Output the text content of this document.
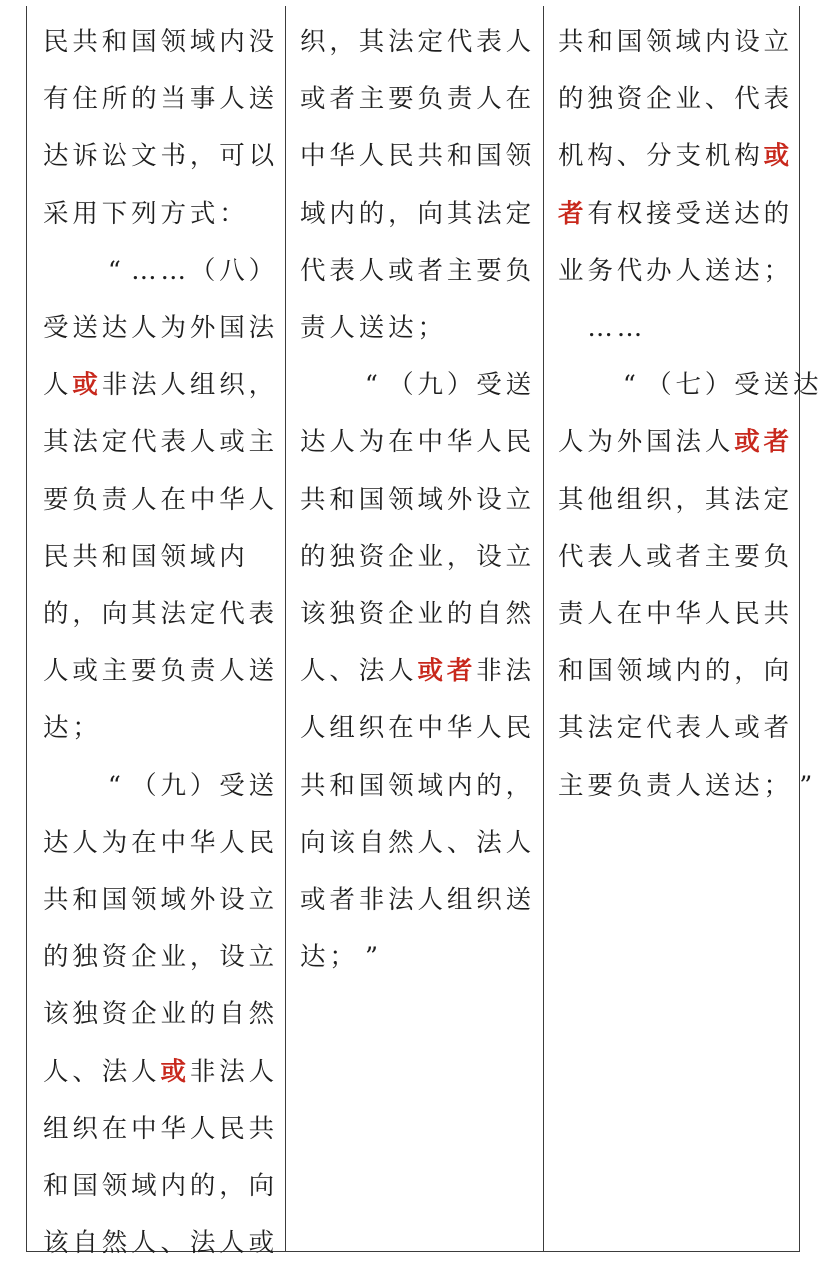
民 共 和 国 领 域 内 没
有 住 所 的 当 事 人 送
达 诉 讼 文 书 ， 可 以
采 用 下 列 方 式 ：
“ … … （ 八 ）
受 送 达 人 为 外 国 法
人 或 非 法 人 组 织 ，
其 法 定 代 表 人 或 主
要 负 责 人 在 中 华 人
民 共 和 国 领 域 内
的 ， 向 其 法 定 代 表
人 或 主 要 负 责 人 送
达 ；
“ （ 九 ） 受 送
达 人 为 在 中 华 人 民
共 和 国 领 域 外 设 立
的 独 资 企 业 ， 设 立
该 独 资 企 业 的 自 然
人 、 法 人 或 非 法 人
组 织 在 中 华 人 民 共
和 国 领 域 内 的 ， 向
该 自 然 人 、 法 人 或
织 ， 其 法 定 代 表 人
或 者 主 要 负 责 人 在
中 华 人 民 共 和 国 领
域 内 的 ， 向 其 法 定
代 表 人 或 者 主 要 负
责 人 送 达 ；
“ （ 九 ） 受 送
达 人 为 在 中 华 人 民
共 和 国 领 域 外 设 立
的 独 资 企 业 ， 设 立
该 独 资 企 业 的 自 然
人 、 法 人 或 者 非 法
人 组 织 在 中 华 人 民
共 和 国 领 域 内 的 ，
向 该 自 然 人 、 法 人
或 者 非 法 人 组 织 送
达 ； ”
共 和 国 领 域 内 设 立
的 独 资 企 业 、 代 表
机 构 、 分 支 机 构 或
者 有 权 接 受 送 达 的
业 务 代 办 人 送 达 ；
… …
“ （ 七 ） 受 送 达
人 为 外 国 法 人 或 者
其 他 组 织 ， 其 法 定
代 表 人 或 者 主 要 负
责 人 在 中 华 人 民 共
和 国 领 域 内 的 ， 向
其 法 定 代 表 人 或 者
主 要 负 责 人 送 达 ； ”
